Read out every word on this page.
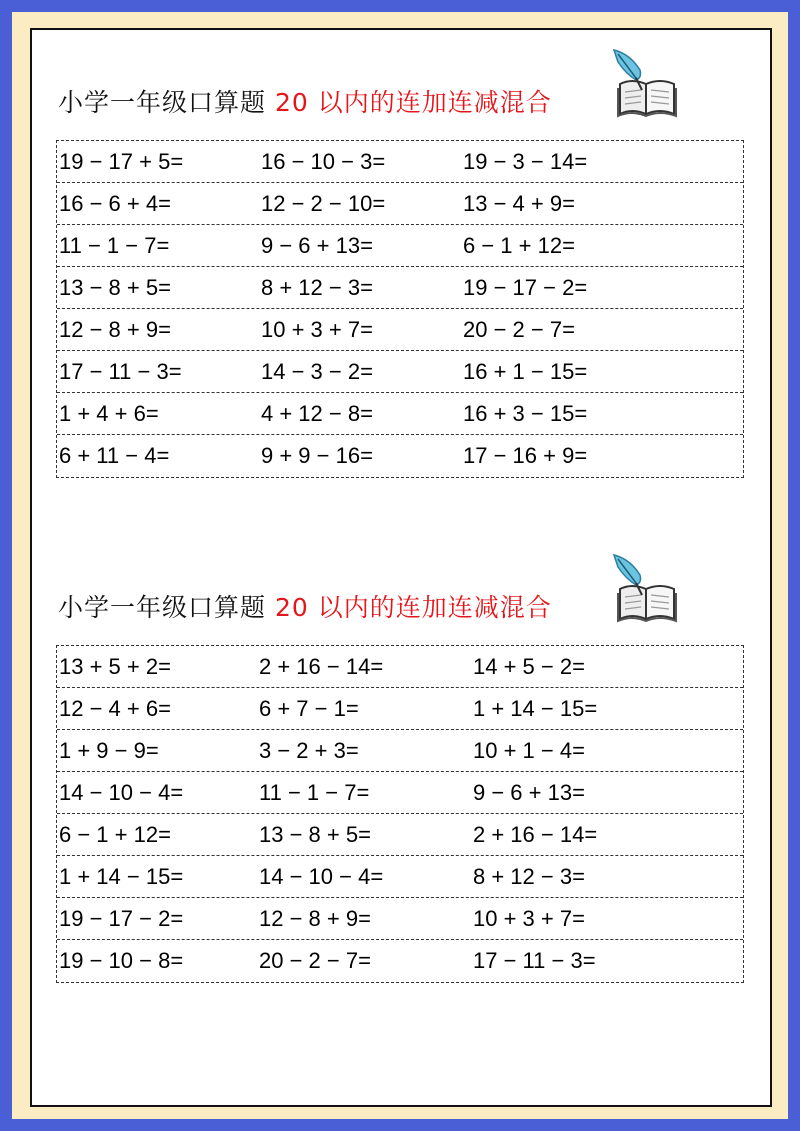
小学一年级口算题 20 以内的连加连减混合
19 − 17 + 5=	16 − 10 − 3=	19 − 3 − 14=
16 − 6 + 4=	12 − 2 − 10=	13 − 4 + 9=
11 − 1 − 7=	9 − 6 + 13=	6 − 1 + 12=
13 − 8 + 5=	8 + 12 − 3=	19 − 17 − 2=
12 − 8 + 9=	10 + 3 + 7=	20 − 2 − 7=
17 − 11 − 3=	14 − 3 − 2=	16 + 1 − 15=
1 + 4 + 6=	4 + 12 − 8=	16 + 3 − 15=
6 + 11 − 4=	9 + 9 − 16=	17 − 16 + 9=
小学一年级口算题 20 以内的连加连减混合
13 + 5 + 2=	2 + 16 − 14=	14 + 5 − 2=
12 − 4 + 6=	6 + 7 − 1=	1 + 14 − 15=
1 + 9 − 9=	3 − 2 + 3=	10 + 1 − 4=
14 − 10 − 4=	11 − 1 − 7=	9 − 6 + 13=
6 − 1 + 12=	13 − 8 + 5=	2 + 16 − 14=
1 + 14 − 15=	14 − 10 − 4=	8 + 12 − 3=
19 − 17 − 2=	12 − 8 + 9=	10 + 3 + 7=
19 − 10 − 8=	20 − 2 − 7=	17 − 11 − 3=
